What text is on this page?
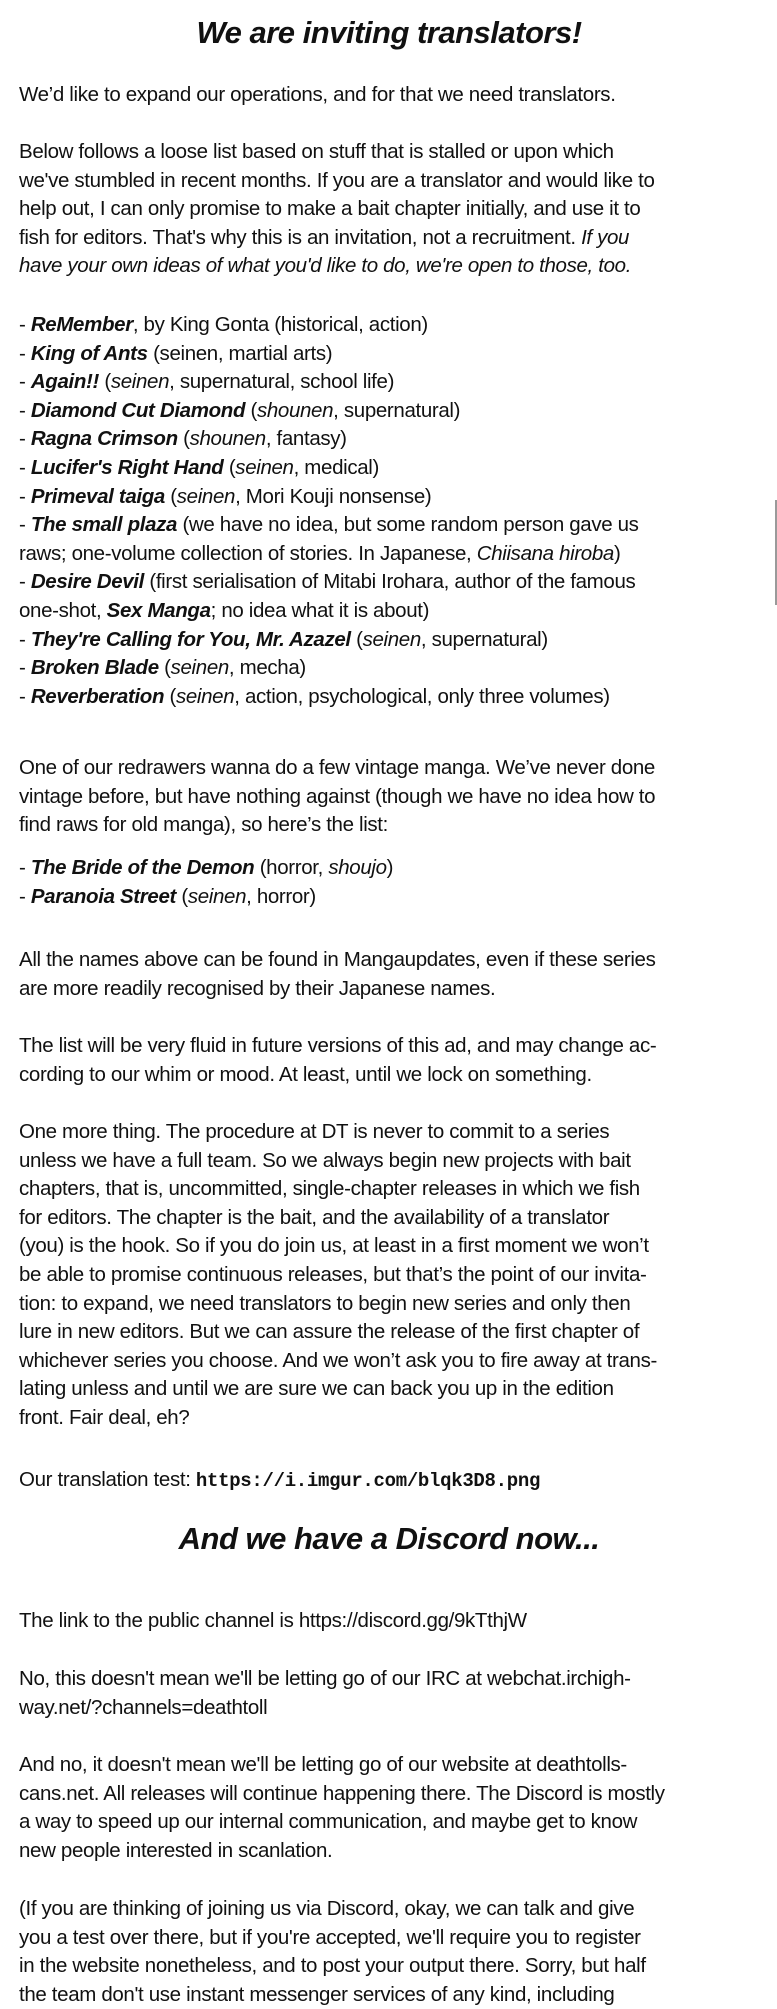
We are inviting translators!
We’d like to expand our operations, and for that we need translators.
Below follows a loose list based on stuff that is stalled or upon which
we've stumbled in recent months. If you are a translator and would like to
help out, I can only promise to make a bait chapter initially, and use it to
fish for editors. That's why this is an invitation, not a recruitment. If you
have your own ideas of what you'd like to do, we're open to those, too.
- ReMember, by King Gonta (historical, action)
- King of Ants (seinen, martial arts)
- Again!! (seinen, supernatural, school life)
- Diamond Cut Diamond (shounen, supernatural)
- Ragna Crimson (shounen, fantasy)
- Lucifer's Right Hand (seinen, medical)
- Primeval taiga (seinen, Mori Kouji nonsense)
- The small plaza (we have no idea, but some random person gave us
raws; one-volume collection of stories. In Japanese, Chiisana hiroba)
- Desire Devil (first serialisation of Mitabi Irohara, author of the famous
one-shot, Sex Manga; no idea what it is about)
- They're Calling for You, Mr. Azazel (seinen, supernatural)
- Broken Blade (seinen, mecha)
- Reverberation (seinen, action, psychological, only three volumes)
One of our redrawers wanna do a few vintage manga. We’ve never done
vintage before, but have nothing against (though we have no idea how to
find raws for old manga), so here’s the list:
- The Bride of the Demon (horror, shoujo)
- Paranoia Street (seinen, horror)
All the names above can be found in Mangaupdates, even if these series
are more readily recognised by their Japanese names.
The list will be very fluid in future versions of this ad, and may change ac-
cording to our whim or mood. At least, until we lock on something.
One more thing. The procedure at DT is never to commit to a series
unless we have a full team. So we always begin new projects with bait
chapters, that is, uncommitted, single-chapter releases in which we fish
for editors. The chapter is the bait, and the availability of a translator
(you) is the hook. So if you do join us, at least in a first moment we won’t
be able to promise continuous releases, but that’s the point of our invita-
tion: to expand, we need translators to begin new series and only then
lure in new editors. But we can assure the release of the first chapter of
whichever series you choose. And we won’t ask you to fire away at trans-
lating unless and until we are sure we can back you up in the edition
front. Fair deal, eh?
Our translation test: https://i.imgur.com/blqk3D8.png
And we have a Discord now...
The link to the public channel is https://discord.gg/9kTthjW
No, this doesn't mean we'll be letting go of our IRC at webchat.irchigh-
way.net/?channels=deathtoll
And no, it doesn't mean we'll be letting go of our website at deathtolls-
cans.net. All releases will continue happening there. The Discord is mostly
a way to speed up our internal communication, and maybe get to know
new people interested in scanlation.
(If you are thinking of joining us via Discord, okay, we can talk and give
you a test over there, but if you're accepted, we'll require you to register
in the website nonetheless, and to post your output there. Sorry, but half
the team don't use instant messenger services of any kind, including
